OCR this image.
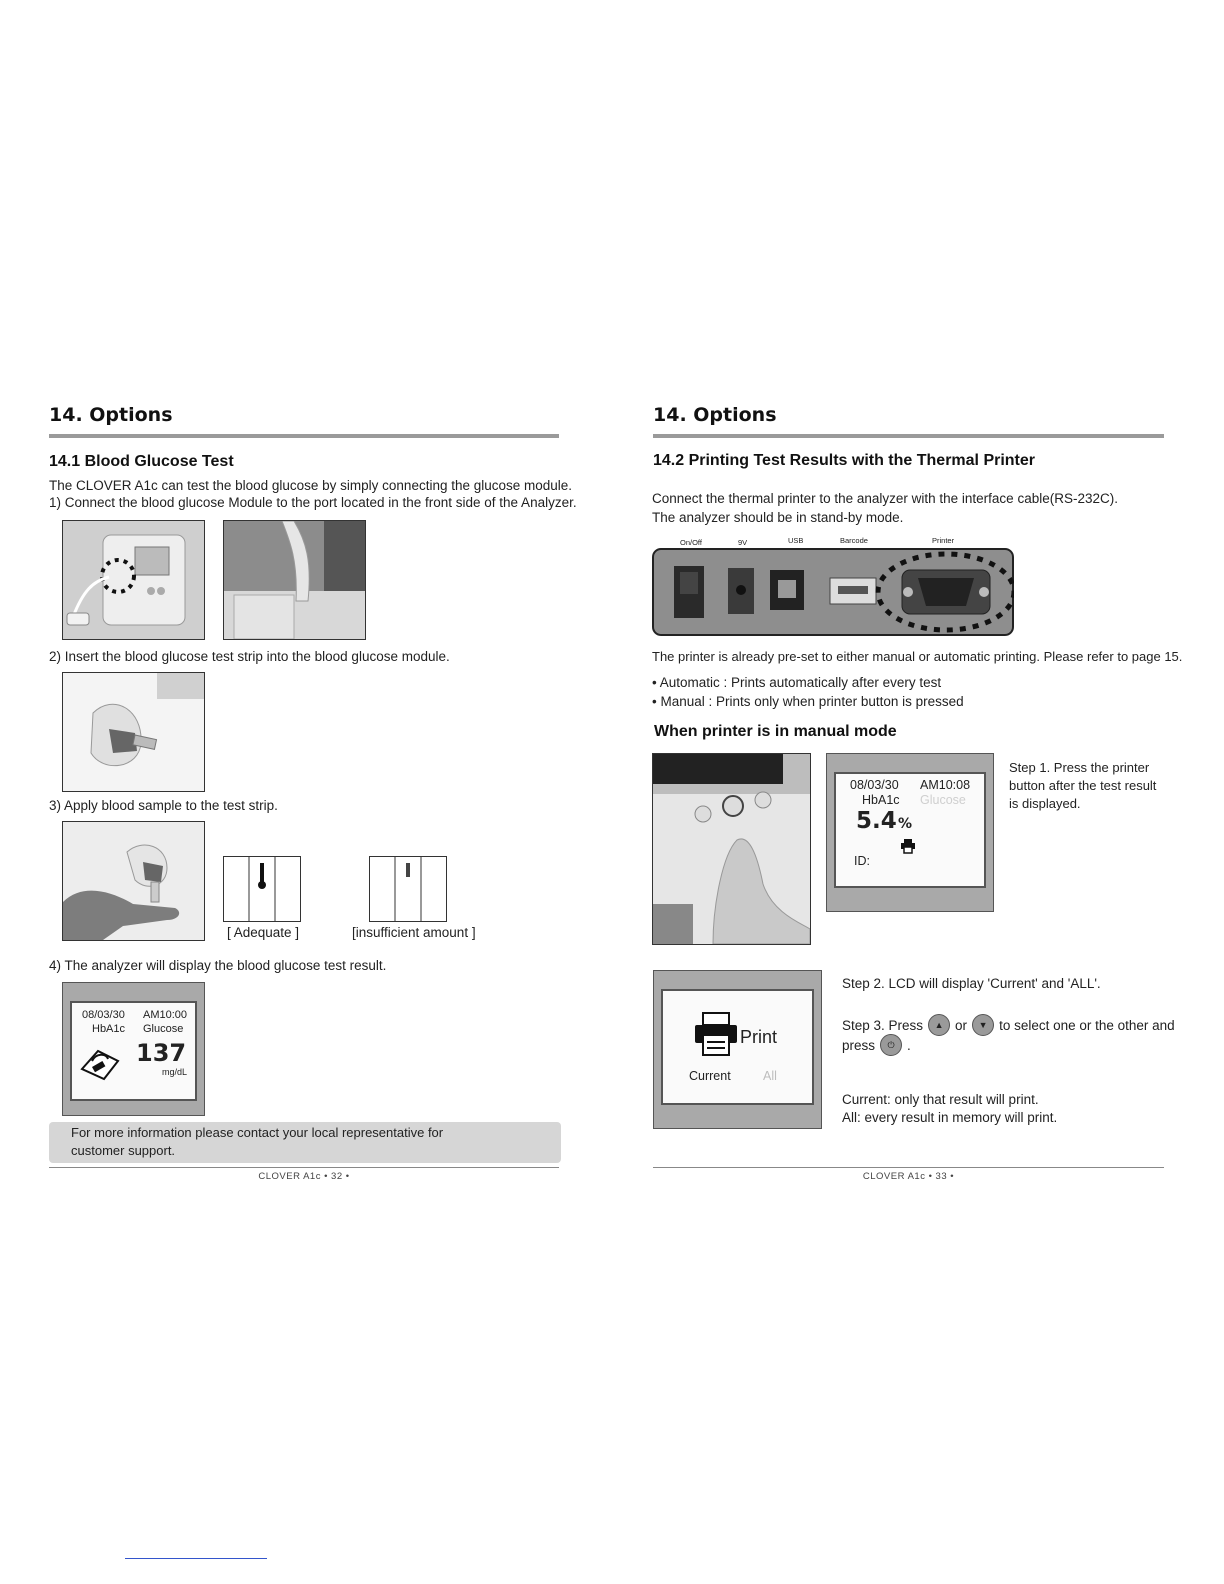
14. Options
14.1 Blood Glucose Test
The CLOVER A1c can test the blood glucose by simply connecting the glucose module.
1) Connect the blood glucose Module to the port located in the front side of the Analyzer.
2) Insert the blood glucose test strip into the blood glucose module.
3) Apply blood sample to the test strip.
[ Adequate ]	[insufficient amount ]
4) The analyzer will display the blood glucose test result.
08/03/30 AM10:00
HbA1c Glucose
137
mg/dL
For more information please contact your local representative for
customer support.
CLOVER A1c • 32 •
14. Options
14.2 Printing Test Results with the Thermal Printer
Connect the thermal printer to the analyzer with the interface cable(RS-232C).
The analyzer should be in stand-by mode.
On/Off	9V	USB	Barcode	Printer
The printer is already pre-set to either manual or automatic printing. Please refer to page 15.
• Automatic : Prints automatically after every test
• Manual : Prints only when printer button is pressed
When printer is in manual mode
08/03/30 AM10:08
HbA1c Glucose
5.4 %
ID:
Step 1. Press the printer
button after the test result
is displayed.
Print
Current	All
Step 2. LCD will display 'Current' and 'ALL'.
Step 3. Press	▲ or	▼ to select one or the other and
press	⏻ .
Current: only that result will print.
All: every result in memory will print.
CLOVER A1c • 33 •
